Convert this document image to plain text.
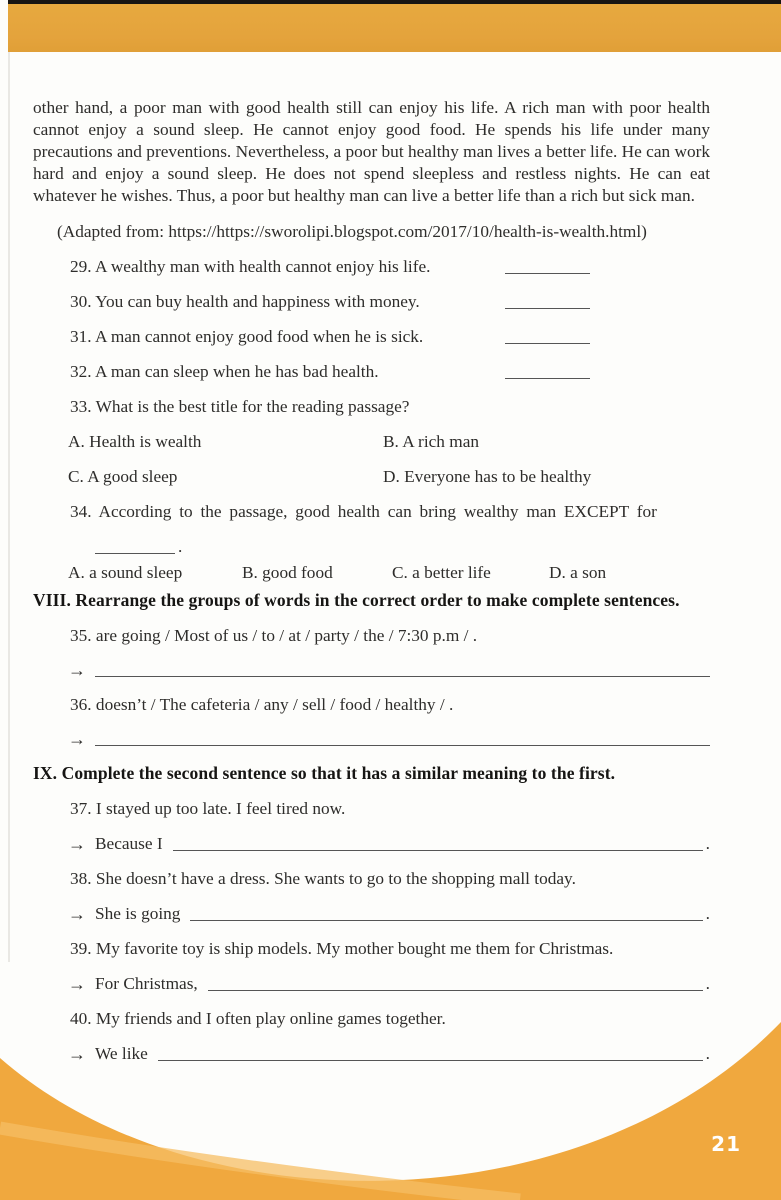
other hand, a poor man with good health still can enjoy his life. A rich man with poor health cannot enjoy a sound sleep. He cannot enjoy good food. He spends his life under many precautions and preventions. Nevertheless, a poor but healthy man lives a better life. He can work hard and enjoy a sound sleep. He does not spend sleepless and restless nights. He can eat whatever he wishes. Thus, a poor but healthy man can live a better life than a rich but sick man.

(Adapted from: https://https://sworolipi.blogspot.com/2017/10/health-is-wealth.html)
29. A wealthy man with health cannot enjoy his life.
30. You can buy health and happiness with money.
31. A man cannot enjoy good food when he is sick.
32. A man can sleep when he has bad health.
33. What is the best title for the reading passage?
A. Health is wealth	B. A rich man
C. A good sleep	D. Everyone has to be healthy
34. According to the passage, good health can bring wealthy man EXCEPT for
.
A. a sound sleep	B. good food	C. a better life	D. a son
VIII. Rearrange the groups of words in the correct order to make complete sentences.
35. are going / Most of us / to / at / party / the / 7:30 p.m / .
→
36. doesn’t / The cafeteria / any / sell / food / healthy / .
→
IX. Complete the second sentence so that it has a similar meaning to the first.
37. I stayed up too late. I feel tired now.
→ Because I	.
38. She doesn’t have a dress. She wants to go to the shopping mall today.
→ She is going	.
39. My favorite toy is ship models. My mother bought me them for Christmas.
→ For Christmas,	.
40. My friends and I often play online games together.
→ We like	.
21
